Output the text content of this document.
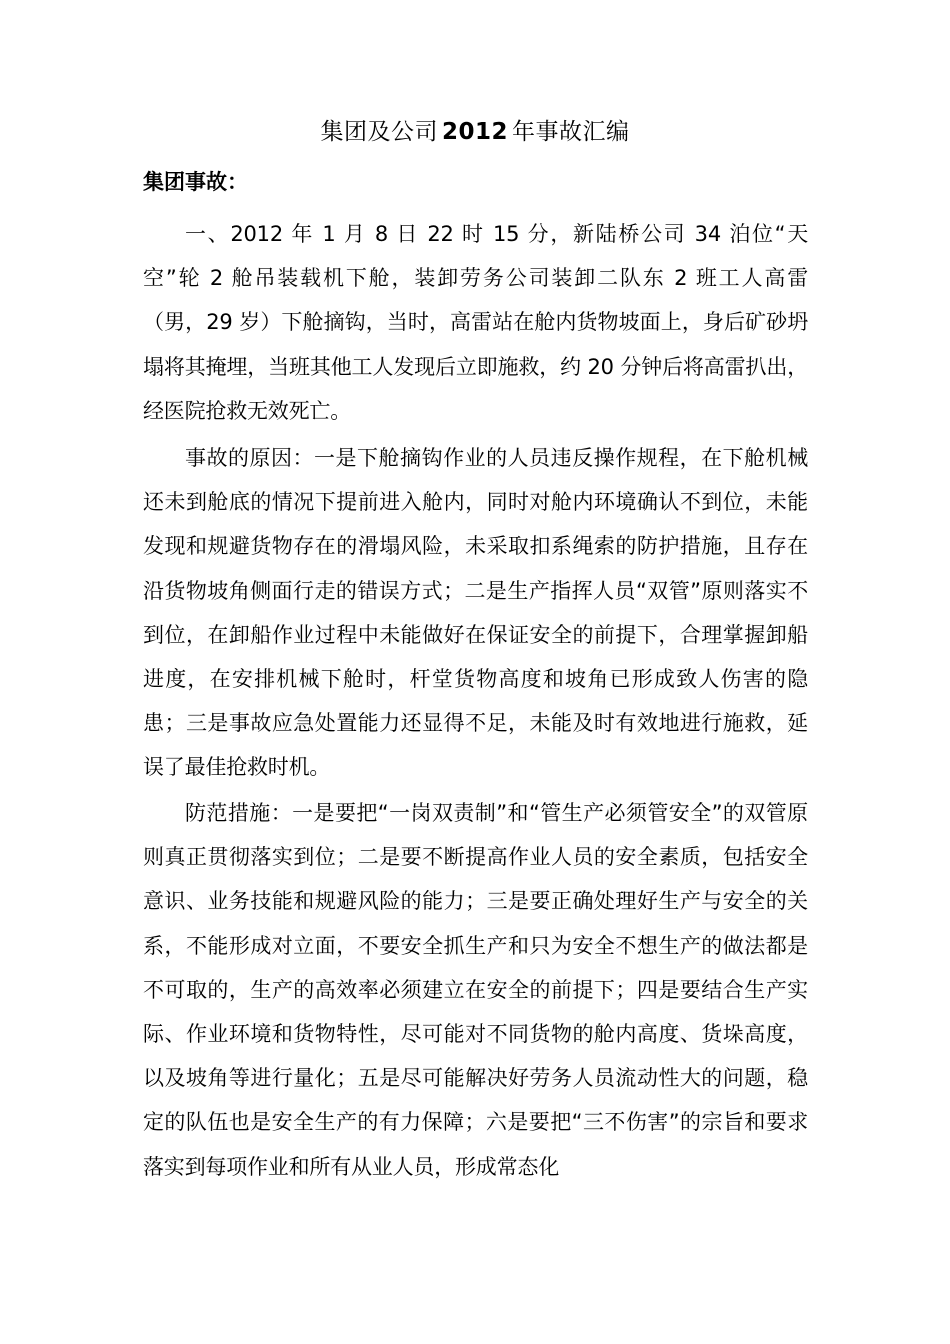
集团及公司 2012 年事故汇编
集团事故：

一、2012 年 1 月 8 日 22 时 15 分，新陆桥公司 34 泊位“天空”轮 2 舱吊装载机下舱，装卸劳务公司装卸二队东 2 班工人高雷（男，29 岁）下舱摘钩，当时，高雷站在舱内货物坡面上，身后矿砂坍塌将其掩埋，当班其他工人发现后立即施救，约 20 分钟后将高雷扒出，经医院抢救无效死亡。

事故的原因：一是下舱摘钩作业的人员违反操作规程，在下舱机械还未到舱底的情况下提前进入舱内，同时对舱内环境确认不到位，未能发现和规避货物存在的滑塌风险，未采取扣系绳索的防护措施，且存在沿货物坡角侧面行走的错误方式；二是生产指挥人员“双管”原则落实不到位，在卸船作业过程中未能做好在保证安全的前提下，合理掌握卸船进度，在安排机械下舱时，杆堂货物高度和坡角已形成致人伤害的隐患；三是事故应急处置能力还显得不足，未能及时有效地进行施救，延误了最佳抢救时机。

防范措施：一是要把“一岗双责制”和“管生产必须管安全”的双管原则真正贯彻落实到位；二是要不断提高作业人员的安全素质，包括安全意识、业务技能和规避风险的能力；三是要正确处理好生产与安全的关系，不能形成对立面，不要安全抓生产和只为安全不想生产的做法都是不可取的，生产的高效率必须建立在安全的前提下；四是要结合生产实际、作业环境和货物特性，尽可能对不同货物的舱内高度、货垛高度，以及坡角等进行量化；五是尽可能解决好劳务人员流动性大的问题，稳定的队伍也是安全生产的有力保障；六是要把“三不伤害”的宗旨和要求落实到每项作业和所有从业人员，形成常态化
